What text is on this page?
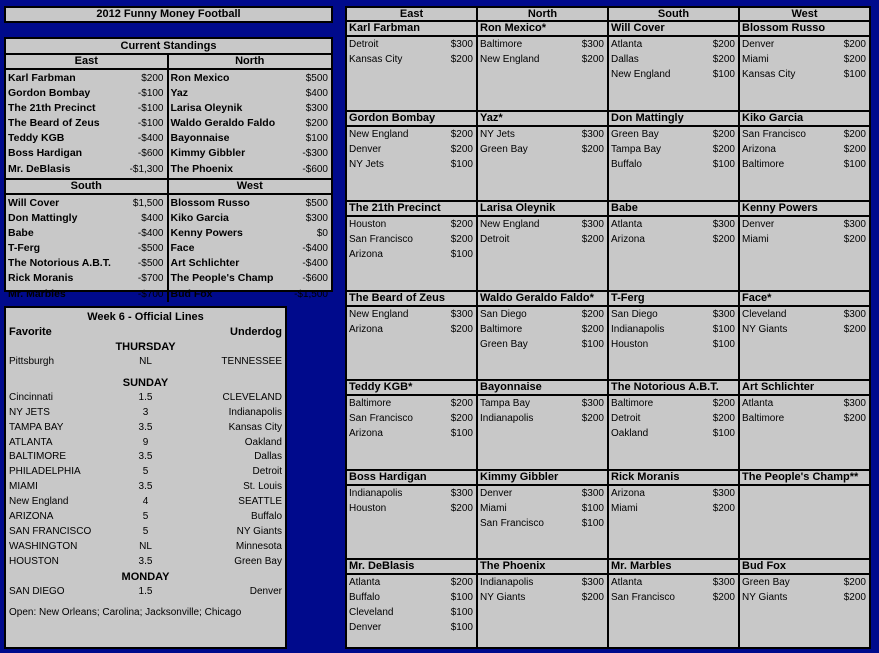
2012 Funny Money Football
Current Standings
East
Karl Farbman	$200
Gordon Bombay	-$100
The 21th Precinct	-$100
The Beard of Zeus	-$100
Teddy KGB	-$400
Boss Hardigan	-$600
Mr. DeBlasis	-$1,300
North
Ron Mexico	$500
Yaz	$400
Larisa Oleynik	$300
Waldo Geraldo Faldo	$200
Bayonnaise	$100
Kimmy Gibbler	-$300
The Phoenix	-$600
South
Will Cover	$1,500
Don Mattingly	$400
Babe	-$400
T-Ferg	-$500
The Notorious A.B.T.	-$500
Rick Moranis	-$700
Mr. Marbles	-$700
West
Blossom Russo	$500
Kiko Garcia	$300
Kenny Powers	$0
Face	-$400
Art Schlichter	-$400
The People's Champ	-$600
Bud Fox	-$1,500
Week 6 - Official Lines
Favorite	Underdog
THURSDAY
Pittsburgh	NL	TENNESSEE
SUNDAY
Cincinnati	1.5	CLEVELAND
NY JETS	3	Indianapolis
TAMPA BAY	3.5	Kansas City
ATLANTA	9	Oakland
BALTIMORE	3.5	Dallas
PHILADELPHIA	5	Detroit
MIAMI	3.5	St. Louis
New England	4	SEATTLE
ARIZONA	5	Buffalo
SAN FRANCISCO	5	NY Giants
WASHINGTON	NL	Minnesota
HOUSTON	3.5	Green Bay
MONDAY
SAN DIEGO	1.5	Denver
Open: New Orleans; Carolina; Jacksonville; Chicago
East	North	South	West
Karl Farbman
Detroit	$300
Kansas City	$200
Ron Mexico*
Baltimore	$300
New England	$200
Will Cover
Atlanta	$200
Dallas	$200
New England	$100
Blossom Russo
Denver	$200
Miami	$200
Kansas City	$100
Gordon Bombay
New England	$200
Denver	$200
NY Jets	$100
Yaz*
NY Jets	$300
Green Bay	$200
Don Mattingly
Green Bay	$200
Tampa Bay	$200
Buffalo	$100
Kiko Garcia
San Francisco	$200
Arizona	$200
Baltimore	$100
The 21th Precinct
Houston	$200
San Francisco	$200
Arizona	$100
Larisa Oleynik
New England	$300
Detroit	$200
Babe
Atlanta	$300
Arizona	$200
Kenny Powers
Denver	$300
Miami	$200
The Beard of Zeus
New England	$300
Arizona	$200
Waldo Geraldo Faldo*
San Diego	$200
Baltimore	$200
Green Bay	$100
T-Ferg
San Diego	$300
Indianapolis	$100
Houston	$100
Face*
Cleveland	$300
NY Giants	$200
Teddy KGB*
Baltimore	$200
San Francisco	$200
Arizona	$100
Bayonnaise
Tampa Bay	$300
Indianapolis	$200
The Notorious A.B.T.
Baltimore	$200
Detroit	$200
Oakland	$100
Art Schlichter
Atlanta	$300
Baltimore	$200
Boss Hardigan
Indianapolis	$300
Houston	$200
Kimmy Gibbler
Denver	$300
Miami	$100
San Francisco	$100
Rick Moranis
Arizona	$300
Miami	$200
The People's Champ**
Mr. DeBlasis
Atlanta	$200
Buffalo	$100
Cleveland	$100
Denver	$100
The Phoenix
Indianapolis	$300
NY Giants	$200
Mr. Marbles
Atlanta	$300
San Francisco	$200
Bud Fox
Green Bay	$200
NY Giants	$200
